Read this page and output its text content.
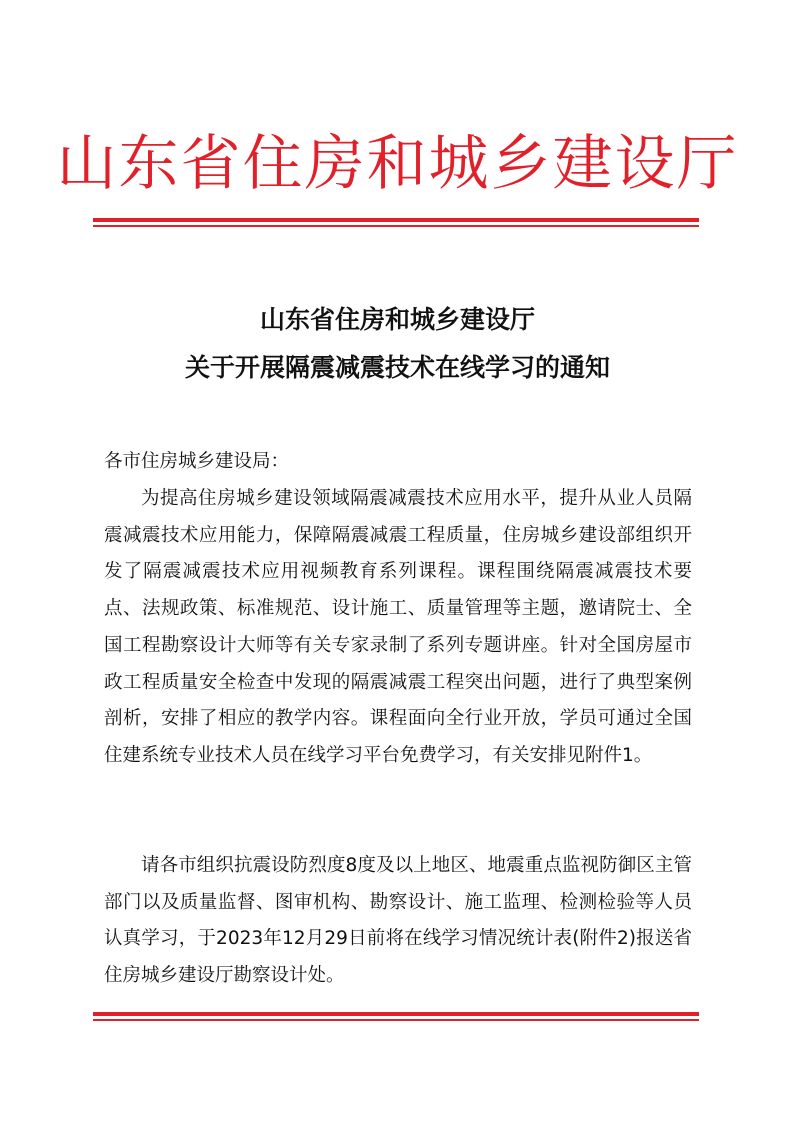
山东省住房和城乡建设厅
山东省住房和城乡建设厅
关于开展隔震减震技术在线学习的通知
各市住房城乡建设局：
为提高住房城乡建设领域隔震减震技术应用水平，提升从业人员隔震减震技术应用能力，保障隔震减震工程质量，住房城乡建设部组织开发了隔震减震技术应用视频教育系列课程。课程围绕隔震减震技术要点、法规政策、标准规范、设计施工、质量管理等主题，邀请院士、全国工程勘察设计大师等有关专家录制了系列专题讲座。针对全国房屋市政工程质量安全检查中发现的隔震减震工程突出问题，进行了典型案例剖析，安排了相应的教学内容。课程面向全行业开放，学员可通过全国住建系统专业技术人员在线学习平台免费学习，有关安排见附件1。
请各市组织抗震设防烈度8度及以上地区、地震重点监视防御区主管部门以及质量监督、图审机构、勘察设计、施工监理、检测检验等人员认真学习，于2023年12月29日前将在线学习情况统计表(附件2)报送省住房城乡建设厅勘察设计处。
